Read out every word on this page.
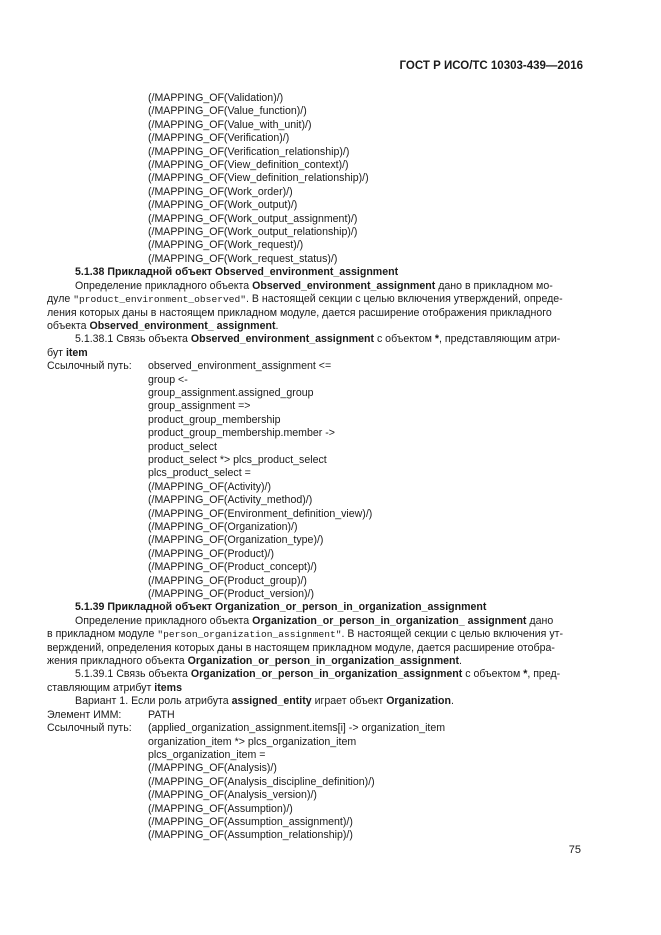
ГОСТ Р ИСО/ТС 10303-439—2016
(/MAPPING_OF(Validation)/)
(/MAPPING_OF(Value_function)/)
(/MAPPING_OF(Value_with_unit)/)
(/MAPPING_OF(Verification)/)
(/MAPPING_OF(Verification_relationship)/)
(/MAPPING_OF(View_definition_context)/)
(/MAPPING_OF(View_definition_relationship)/)
(/MAPPING_OF(Work_order)/)
(/MAPPING_OF(Work_output)/)
(/MAPPING_OF(Work_output_assignment)/)
(/MAPPING_OF(Work_output_relationship)/)
(/MAPPING_OF(Work_request)/)
(/MAPPING_OF(Work_request_status)/)
5.1.38 Прикладной объект Observed_environment_assignment
Определение прикладного объекта Observed_environment_assignment дано в прикладном мо-
дуле "product_environment_observed". В настоящей секции с целью включения утверждений, опреде-
ления которых даны в настоящем прикладном модуле, дается расширение отображения прикладного
объекта Observed_environment_ assignment.
5.1.38.1 Связь объекта Observed_environment_assignment с объектом *, представляющим атри-
бут item
Ссылочный путь:	observed_environment_assignment <=
group <-
group_assignment.assigned_group
group_assignment =>
product_group_membership
product_group_membership.member ->
product_select
product_select *> plcs_product_select
plcs_product_select =
(/MAPPING_OF(Activity)/)
(/MAPPING_OF(Activity_method)/)
(/MAPPING_OF(Environment_definition_view)/)
(/MAPPING_OF(Organization)/)
(/MAPPING_OF(Organization_type)/)
(/MAPPING_OF(Product)/)
(/MAPPING_OF(Product_concept)/)
(/MAPPING_OF(Product_group)/)
(/MAPPING_OF(Product_version)/)
5.1.39 Прикладной объект Organization_or_person_in_organization_assignment
Определение прикладного объекта Organization_or_person_in_organization_ assignment дано
в прикладном модуле "person_organization_assignment". В настоящей секции с целью включения ут-
верждений, определения которых даны в настоящем прикладном модуле, дается расширение отобра-
жения прикладного объекта Organization_or_person_in_organization_assignment.
5.1.39.1 Связь объекта Organization_or_person_in_organization_assignment с объектом *, пред-
ставляющим атрибут items
Вариант 1. Если роль атрибута assigned_entity играет объект Organization.
Элемент ИММ:	PATH
Ссылочный путь:	(applied_organization_assignment.items[i] -> organization_item
organization_item *> plcs_organization_item
plcs_organization_item =
(/MAPPING_OF(Analysis)/)
(/MAPPING_OF(Analysis_discipline_definition)/)
(/MAPPING_OF(Analysis_version)/)
(/MAPPING_OF(Assumption)/)
(/MAPPING_OF(Assumption_assignment)/)
(/MAPPING_OF(Assumption_relationship)/)
75
